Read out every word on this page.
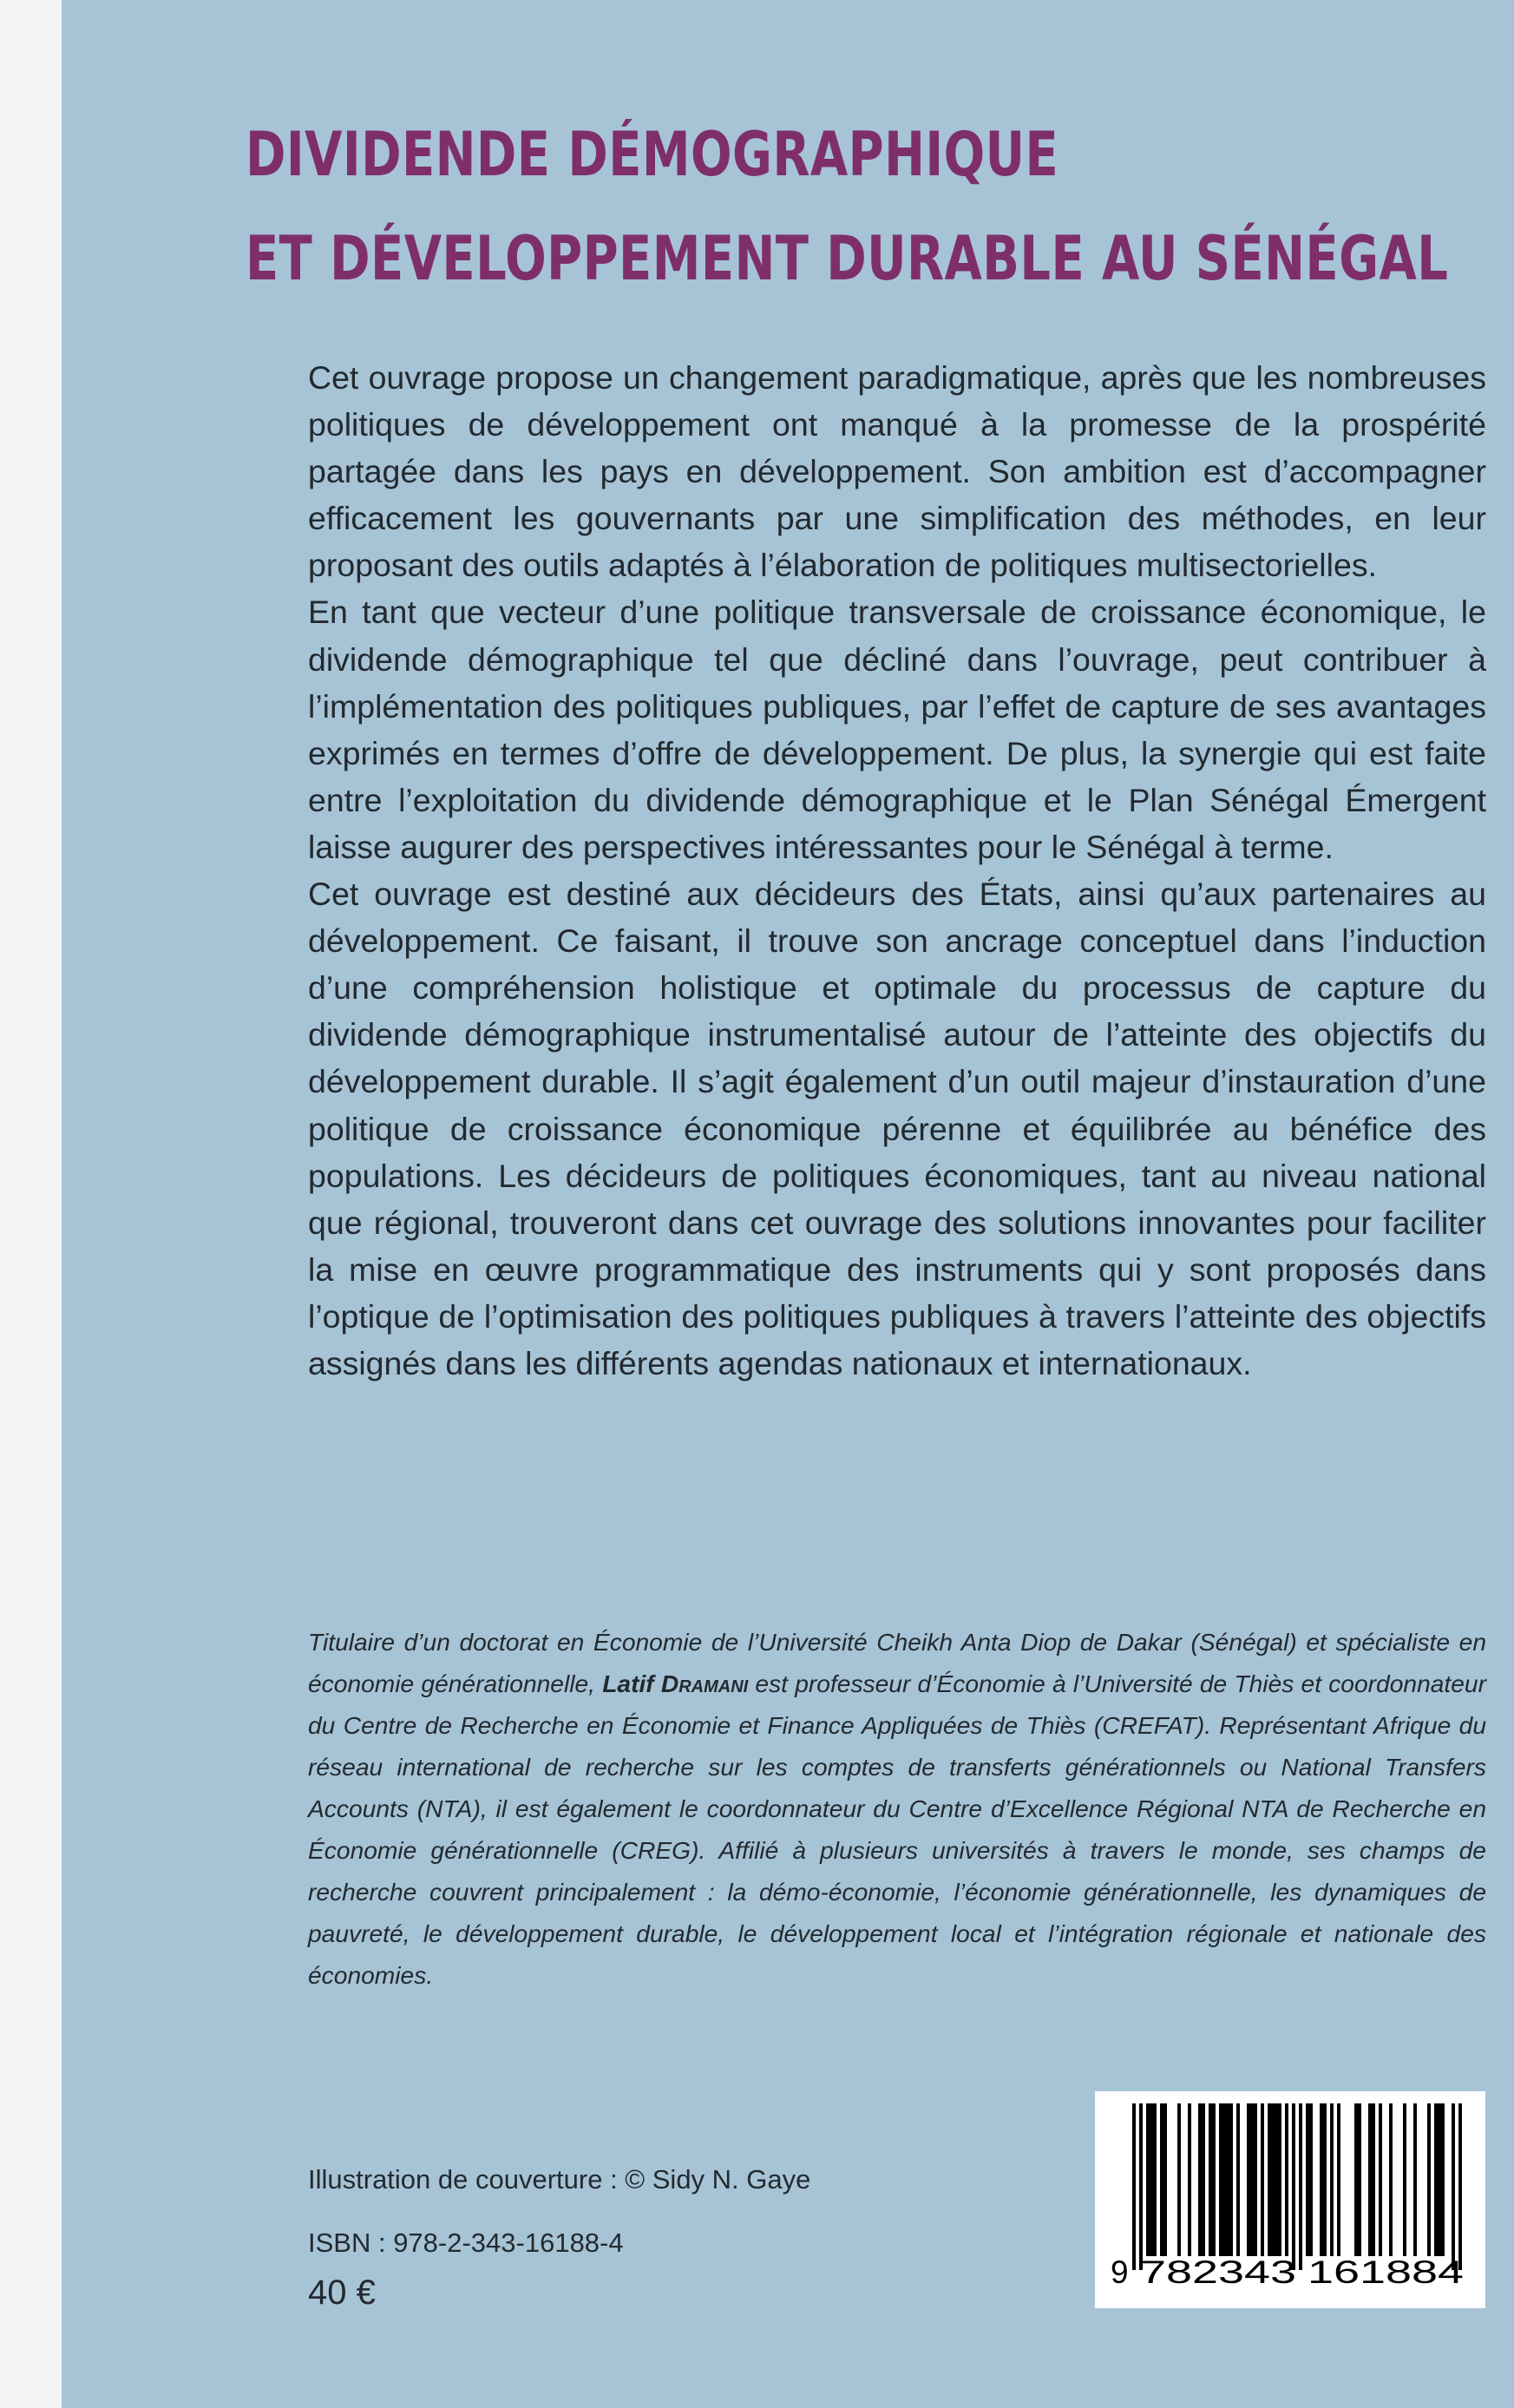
DIVIDENDE DÉMOGRAPHIQUE
ET DÉVELOPPEMENT DURABLE AU SÉNÉGAL

Cet ouvrage propose un changement paradigmatique, après que les nombreuses politiques de développement ont manqué à la promesse de la prospérité partagée dans les pays en développement. Son ambition est d’accompagner efficacement les gouvernants par une simplification des méthodes, en leur proposant des outils adaptés à l’élaboration de politiques multisectorielles.

En tant que vecteur d’une politique transversale de croissance économique, le dividende démographique tel que décliné dans l’ouvrage, peut contribuer à l’implémentation des politiques publiques, par l’effet de capture de ses avantages exprimés en termes d’offre de développement. De plus, la synergie qui est faite entre l’exploitation du dividende démographique et le Plan Sénégal Émergent laisse augurer des perspectives intéressantes pour le Sénégal à terme.

Cet ouvrage est destiné aux décideurs des États, ainsi qu’aux partenaires au développement. Ce faisant, il trouve son ancrage conceptuel dans l’induction d’une compréhension holistique et optimale du processus de capture du dividende démographique instrumentalisé autour de l’atteinte des objectifs du développement durable. Il s’agit également d’un outil majeur d’instauration d’une politique de croissance économique pérenne et équilibrée au bénéfice des populations. Les décideurs de politiques économiques, tant au niveau national que régional, trouveront dans cet ouvrage des solutions innovantes pour faciliter la mise en œuvre programmatique des instruments qui y sont proposés dans l’optique de l’optimisation des politiques publiques à travers l’atteinte des objectifs assignés dans les différents agendas nationaux et internationaux.

Titulaire d’un doctorat en Économie de l’Université Cheikh Anta Diop de Dakar (Sénégal) et spécialiste en économie générationnelle, Latif Dramani est professeur d’Économie à l’Université de Thiès et coordonnateur du Centre de Recherche en Économie et Finance Appliquées de Thiès (CREFAT). Représentant Afrique du réseau international de recherche sur les comptes de transferts générationnels ou National Transfers Accounts (NTA), il est également le coordonnateur du Centre d’Excellence Régional NTA de Recherche en Économie générationnelle (CREG). Affilié à plusieurs universités à travers le monde, ses champs de recherche couvrent principalement : la démo-économie, l’économie générationnelle, les dynamiques de pauvreté, le développement durable, le développement local et l’intégration régionale et nationale des économies.

Illustration de couverture : © Sidy N. Gaye

ISBN : 978-2-343-16188-4

40 €

9 782343 161884
